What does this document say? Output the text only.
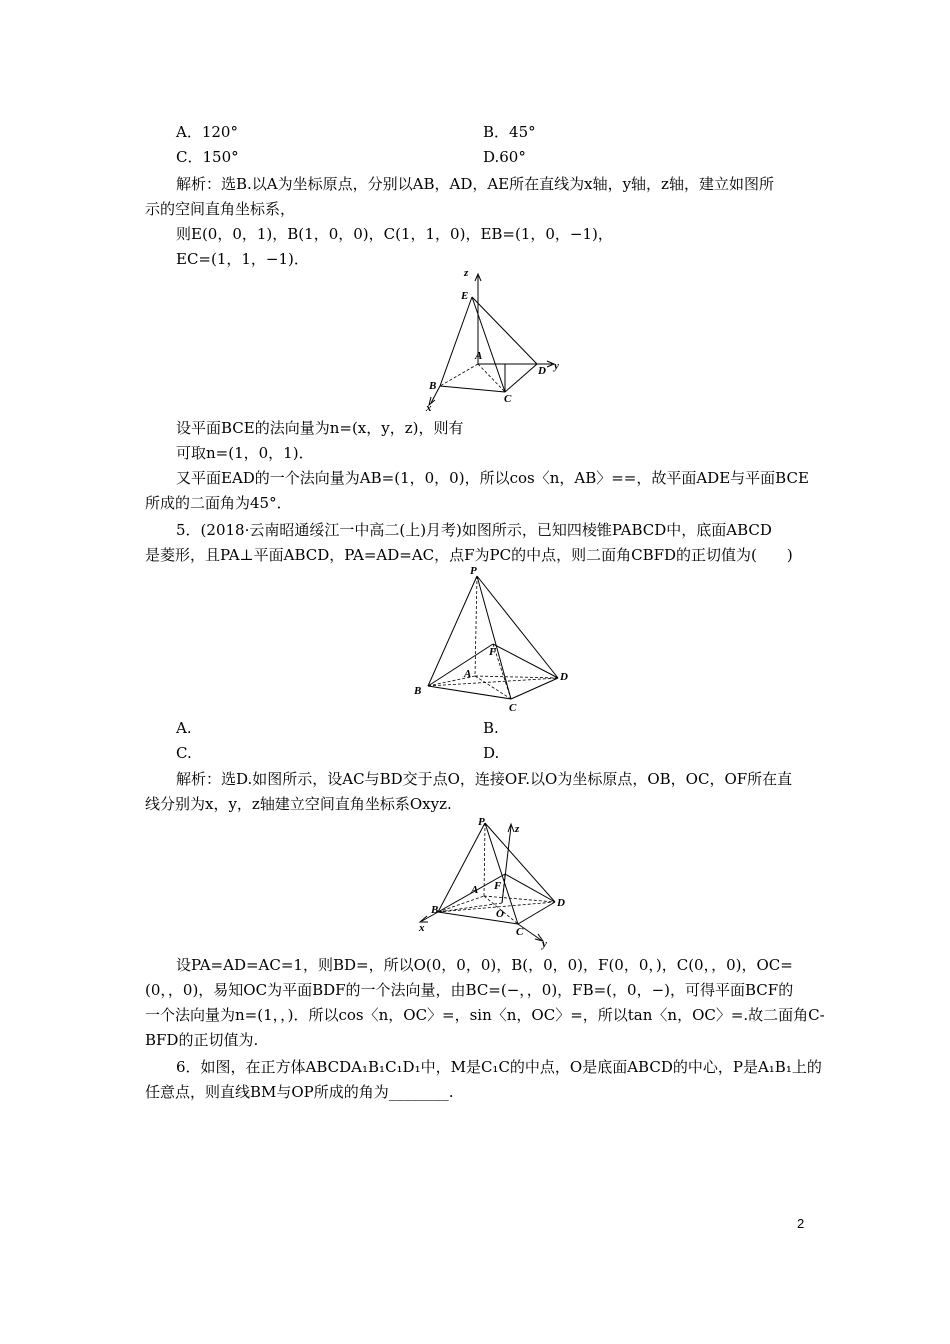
A．120°	B．45°
C．150°	D.60°
解析：选B.以A为坐标原点，分别以AB，AD，AE所在直线为x轴，y轴，z轴，建立如图所
示的空间直角坐标系，
则E(0，0，1)，B(1，0，0)，C(1，1，0)，EB=(1，0，−1)，
EC=(1，1，−1)．
z
E
A
D y
B
C
x
设平面BCE的法向量为n=(x，y，z)，则有
可取n=(1，0，1)．
又平面EAD的一个法向量为AB=(1，0，0)，所以cos〈n，AB〉==，故平面ADE与平面BCE
所成的二面角为45°．
5．(2018·云南昭通绥江一中高二(上)月考)如图所示，已知四棱锥PABCD中，底面ABCD
是菱形，且PA⊥平面ABCD，PA=AD=AC，点F为PC的中点，则二面角CBFD的正切值为(　　)
P
F
A
B
D
C
A.	B.
C.	D.
解析：选D.如图所示，设AC与BD交于点O，连接OF.以O为坐标原点，OB，OC，OF所在直
线分别为x，y，z轴建立空间直角坐标系Oxyz.
P
z
F
A
B	O
D
C
x
y
设PA=AD=AC=1，则BD=，所以O(0，0，0)，B(，0，0)，F(0，0，)，C(0，，0)，OC=
(0，，0)，易知OC为平面BDF的一个法向量，由BC=(−，，0)，FB=(，0，−)，可得平面BCF的
一个法向量为n=(1，，)．所以cos〈n，OC〉=，sin〈n，OC〉=，所以tan〈n，OC〉=.故二面角C-
BFD的正切值为.
6．如图，在正方体ABCDA₁B₁C₁D₁中，M是C₁C的中点，O是底面ABCD的中心，P是A₁B₁上的
任意点，则直线BM与OP所成的角为________.
2
